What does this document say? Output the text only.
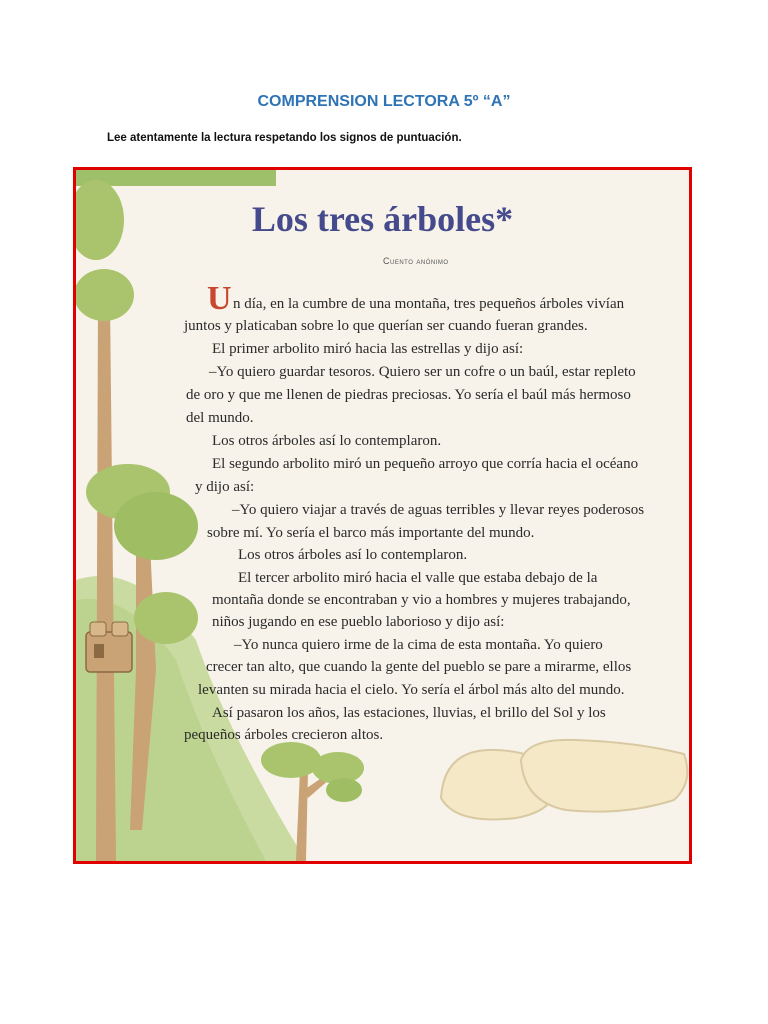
COMPRENSION LECTORA 5º “A”
Lee atentamente la lectura respetando los signos de puntuación.
Los tres árboles*
Cuento anónimo
U n día, en la cumbre de una montaña, tres pequeños árboles vivían
juntos y platicaban sobre lo que querían ser cuando fueran grandes.
El primer arbolito miró hacia las estrellas y dijo así:
–Yo quiero guardar tesoros. Quiero ser un cofre o un baúl, estar repleto
de oro y que me llenen de piedras preciosas. Yo sería el baúl más hermoso
del mundo.
Los otros árboles así lo contemplaron.
El segundo arbolito miró un pequeño arroyo que corría hacia el océano
y dijo así:
–Yo quiero viajar a través de aguas terribles y llevar reyes poderosos
sobre mí. Yo sería el barco más importante del mundo.
Los otros árboles así lo contemplaron.
El tercer arbolito miró hacia el valle que estaba debajo de la
montaña donde se encontraban y vio a hombres y mujeres trabajando,
niños jugando en ese pueblo laborioso y dijo así:
–Yo nunca quiero irme de la cima de esta montaña. Yo quiero
crecer tan alto, que cuando la gente del pueblo se pare a mirarme, ellos
levanten su mirada hacia el cielo. Yo sería el árbol más alto del mundo.
Así pasaron los años, las estaciones, lluvias, el brillo del Sol y los
pequeños árboles crecieron altos.
